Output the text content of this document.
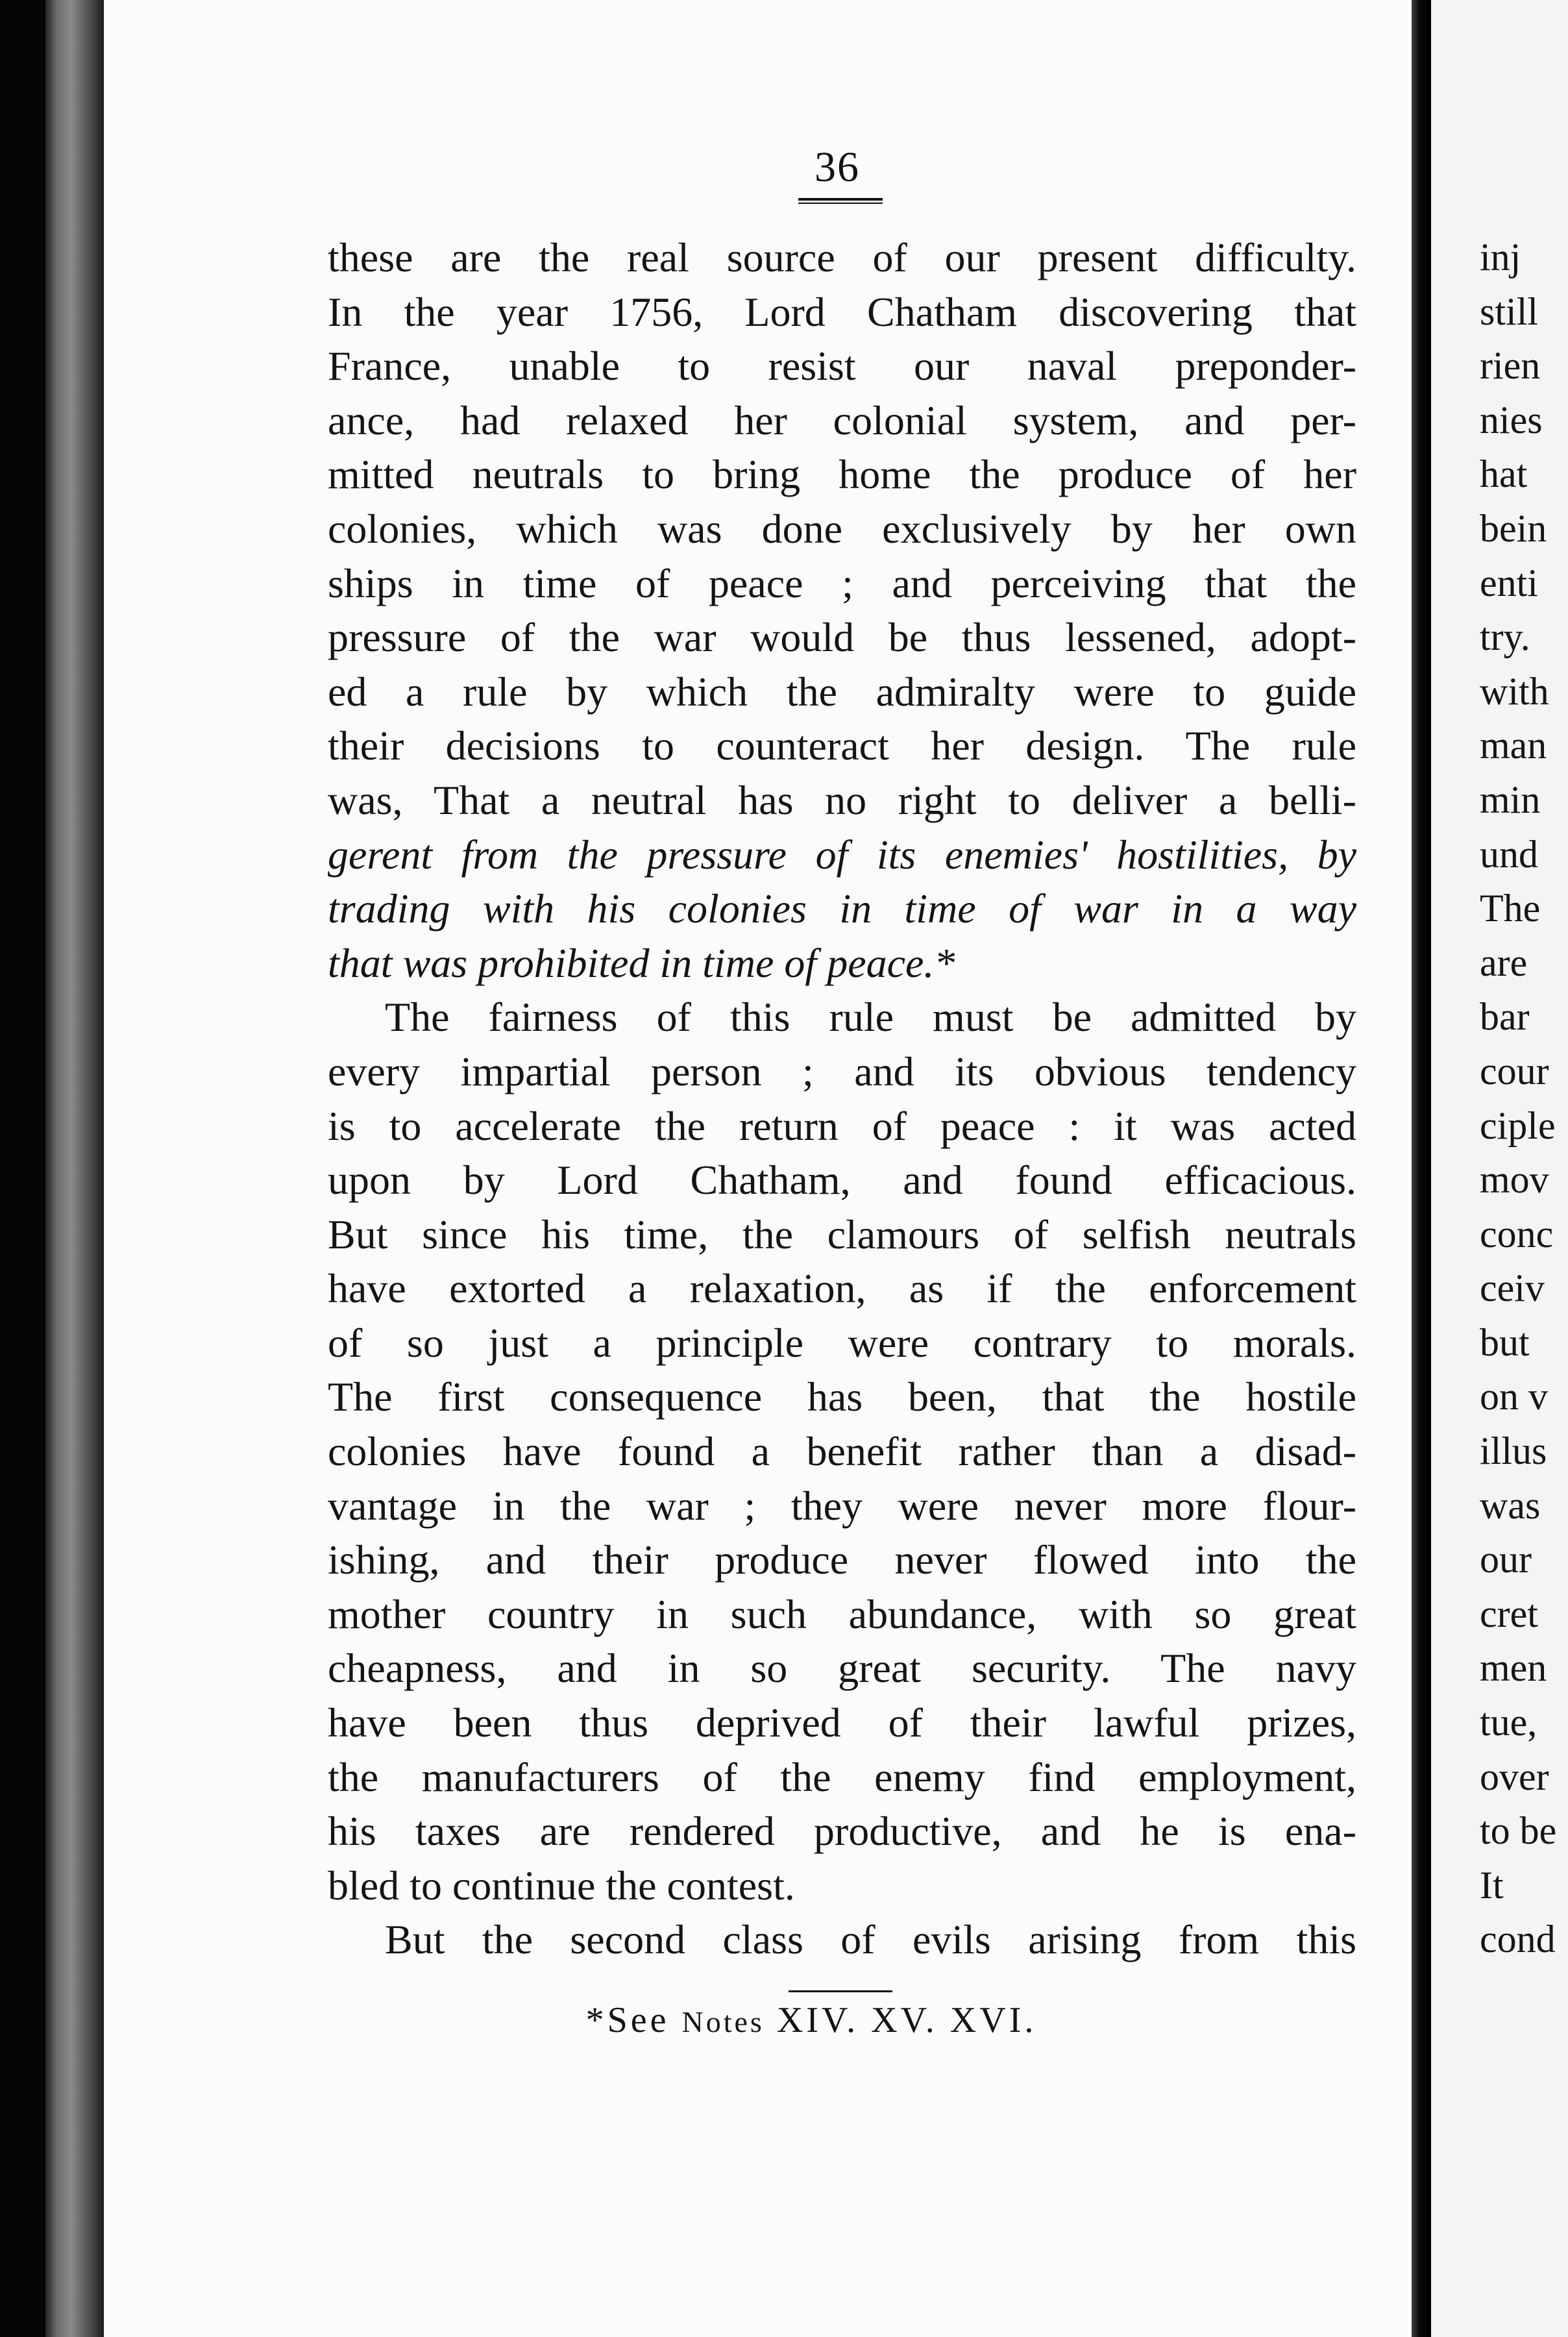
36
these are the real source of our present difficulty.
In the year 1756, Lord Chatham discovering that
France, unable to resist our naval preponder-
ance, had relaxed her colonial system, and per-
mitted neutrals to bring home the produce of her
colonies, which was done exclusively by her own
ships in time of peace ; and perceiving that the
pressure of the war would be thus lessened, adopt-
ed a rule by which the admiralty were to guide
their decisions to counteract her design. The rule
was, That a neutral has no right to deliver a belli-
gerent from the pressure of its enemies' hostilities, by
trading with his colonies in time of war in a way
that was prohibited in time of peace.*
The fairness of this rule must be admitted by
every impartial person ; and its obvious tendency
is to accelerate the return of peace : it was acted
upon by Lord Chatham, and found efficacious.
But since his time, the clamours of selfish neutrals
have extorted a relaxation, as if the enforcement
of so just a principle were contrary to morals.
The first consequence has been, that the hostile
colonies have found a benefit rather than a disad-
vantage in the war ; they were never more flour-
ishing, and their produce never flowed into the
mother country in such abundance, with so great
cheapness, and in so great security. The navy
have been thus deprived of their lawful prizes,
the manufacturers of the enemy find employment,
his taxes are rendered productive, and he is ena-
bled to continue the contest.
But the second class of evils arising from this
*See Notes XIV. XV. XVI.
inj
still
rien
nies
hat
bein
enti
try.
with
man
min
und
The
are
bar
cour
ciple
mov
conc
ceiv
but
on v
illus
was
our
cret
men
tue,
over
to be
It
cond
